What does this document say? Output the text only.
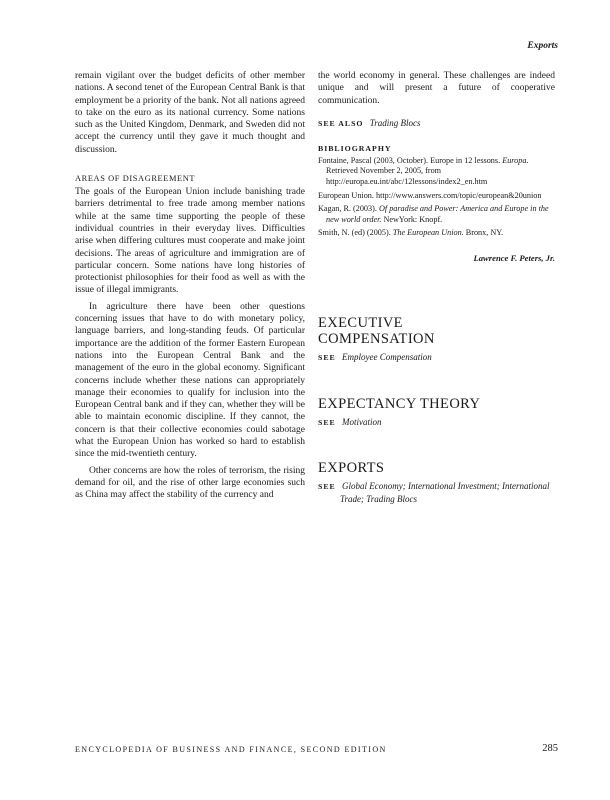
Exports

remain vigilant over the budget deficits of other member nations. A second tenet of the European Central Bank is that employment be a priority of the bank. Not all nations agreed to take on the euro as its national currency. Some nations such as the United Kingdom, Denmark, and Sweden did not accept the currency until they gave it much thought and discussion.

AREAS OF DISAGREEMENT

The goals of the European Union include banishing trade barriers detrimental to free trade among member nations while at the same time supporting the people of these individual countries in their everyday lives. Difficulties arise when differing cultures must cooperate and make joint decisions. The areas of agriculture and immigration are of particular concern. Some nations have long histories of protectionist philosophies for their food as well as with the issue of illegal immigrants.

In agriculture there have been other questions concerning issues that have to do with monetary policy, language barriers, and long-standing feuds. Of particular importance are the addition of the former Eastern European nations into the European Central Bank and the management of the euro in the global economy. Significant concerns include whether these nations can appropriately manage their economies to qualify for inclusion into the European Central bank and if they can, whether they will be able to maintain economic discipline. If they cannot, the concern is that their collective economies could sabotage what the European Union has worked so hard to establish since the mid-twentieth century.

Other concerns are how the roles of terrorism, the rising demand for oil, and the rise of other large economies such as China may affect the stability of the currency and

the world economy in general. These challenges are indeed unique and will present a future of cooperative communication.

SEE ALSO Trading Blocs

BIBLIOGRAPHY

Fontaine, Pascal (2003, October). Europe in 12 lessons. Europa. Retrieved November 2, 2005, from http://europa.eu.int/abc/12lessons/index2_en.htm

European Union. http://www.answers.com/topic/european&20union

Kagan, R. (2003). Of paradise and Power: America and Europe in the new world order. NewYork: Knopf.

Smith, N. (ed) (2005). The European Union. Bronx, NY.

Lawrence F. Peters, Jr.

EXECUTIVE COMPENSATION

SEE Employee Compensation

EXPECTANCY THEORY

SEE Motivation

EXPORTS

SEE Global Economy; International Investment; International Trade; Trading Blocs

ENCYCLOPEDIA OF BUSINESS AND FINANCE, SECOND EDITION	285
